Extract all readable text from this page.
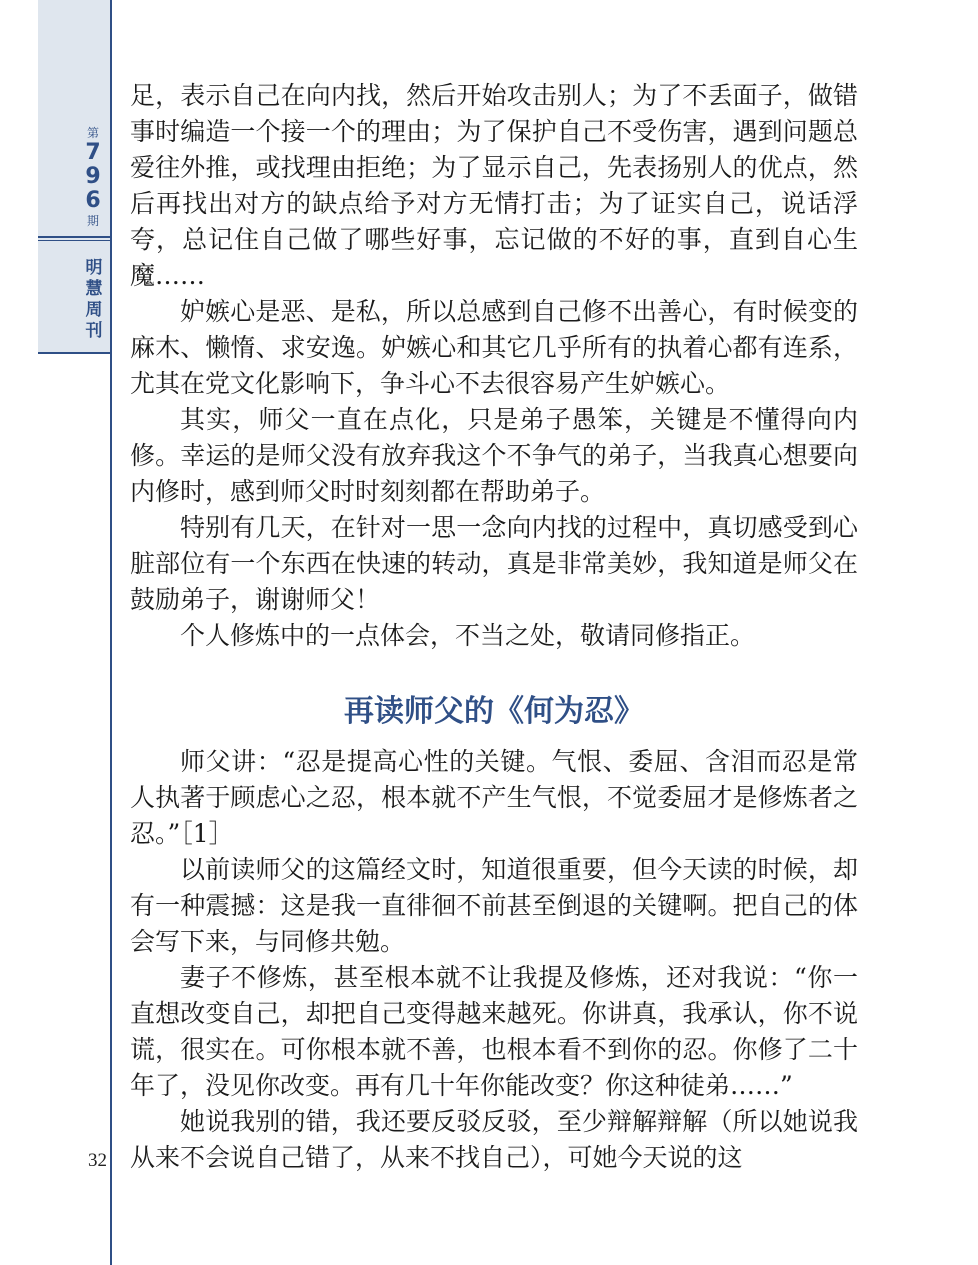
第
7
9
6
期
明
慧
周
刊
32

足，表示自己在向内找，然后开始攻击别人；为了不丢面子，做错事时编造一个接一个的理由；为了保护自己不受伤害，遇到问题总爱往外推，或找理由拒绝；为了显示自己，先表扬别人的优点，然后再找出对方的缺点给予对方无情打击；为了证实自己，说话浮夸，总记住自己做了哪些好事，忘记做的不好的事，直到自心生魔……

妒嫉心是恶、是私，所以总感到自己修不出善心，有时候变的麻木、懒惰、求安逸。妒嫉心和其它几乎所有的执着心都有连系，尤其在党文化影响下，争斗心不去很容易产生妒嫉心。

其实，师父一直在点化，只是弟子愚笨，关键是不懂得向内修。幸运的是师父没有放弃我这个不争气的弟子，当我真心想要向内修时，感到师父时时刻刻都在帮助弟子。

特别有几天，在针对一思一念向内找的过程中，真切感受到心脏部位有一个东西在快速的转动，真是非常美妙，我知道是师父在鼓励弟子，谢谢师父！

个人修炼中的一点体会，不当之处，敬请同修指正。

再读师父的《何为忍》

师父讲：“忍是提高心性的关键。气恨、委屈、含泪而忍是常人执著于顾虑心之忍，根本就不产生气恨，不觉委屈才是修炼者之忍。”［1］

以前读师父的这篇经文时，知道很重要，但今天读的时候，却有一种震撼：这是我一直徘徊不前甚至倒退的关键啊。把自己的体会写下来，与同修共勉。

妻子不修炼，甚至根本就不让我提及修炼，还对我说：“你一直想改变自己，却把自己变得越来越死。你讲真，我承认，你不说谎，很实在。可你根本就不善，也根本看不到你的忍。你修了二十年了，没见你改变。再有几十年你能改变？你这种徒弟……”

她说我别的错，我还要反驳反驳，至少辩解辩解（所以她说我从来不会说自己错了，从来不找自己），可她今天说的这
